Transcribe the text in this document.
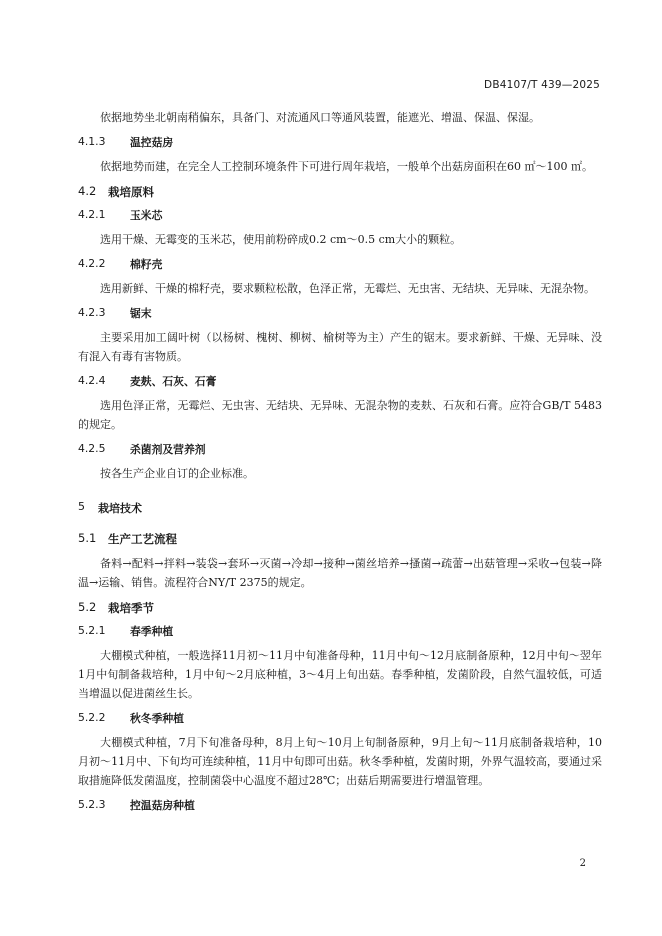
DB4107/T 439—2025

依据地势坐北朝南稍偏东，具备门、对流通风口等通风装置，能遮光、增温、保温、保湿。

4.1.3	温控菇房

依据地势而建，在完全人工控制环境条件下可进行周年栽培，一般单个出菇房面积在60 ㎡～100 ㎡。

4.2	栽培原料
4.2.1	玉米芯

选用干燥、无霉变的玉米芯，使用前粉碎成0.2 cm～0.5 cm大小的颗粒。

4.2.2	棉籽壳

选用新鲜、干燥的棉籽壳，要求颗粒松散，色泽正常，无霉烂、无虫害、无结块、无异味、无混杂物。

4.2.3	锯末

主要采用加工阔叶树（以杨树、槐树、柳树、榆树等为主）产生的锯末。要求新鲜、干燥、无异味、没有混入有毒有害物质。

4.2.4	麦麸、石灰、石膏

选用色泽正常，无霉烂、无虫害、无结块、无异味、无混杂物的麦麸、石灰和石膏。应符合GB/T 5483的规定。

4.2.5	杀菌剂及营养剂

按各生产企业自订的企业标准。

5	栽培技术
5.1	生产工艺流程

备料→配料→拌料→装袋→套环→灭菌→冷却→接种→菌丝培养→搔菌→疏蕾→出菇管理→采收→包装→降温→运输、销售。流程符合NY/T 2375的规定。

5.2	栽培季节
5.2.1	春季种植

大棚模式种植，一般选择11月初～11月中旬准备母种，11月中旬～12月底制备原种，12月中旬～翌年1月中旬制备栽培种，1月中旬～2月底种植，3～4月上旬出菇。春季种植，发菌阶段，自然气温较低，可适当增温以促进菌丝生长。

5.2.2	秋冬季种植

大棚模式种植，7月下旬准备母种，8月上旬～10月上旬制备原种，9月上旬～11月底制备栽培种，10月初～11月中、下旬均可连续种植，11月中旬即可出菇。秋冬季种植，发菌时期，外界气温较高，要通过采取措施降低发菌温度，控制菌袋中心温度不超过28℃；出菇后期需要进行增温管理。

5.2.3	控温菇房种植
2
